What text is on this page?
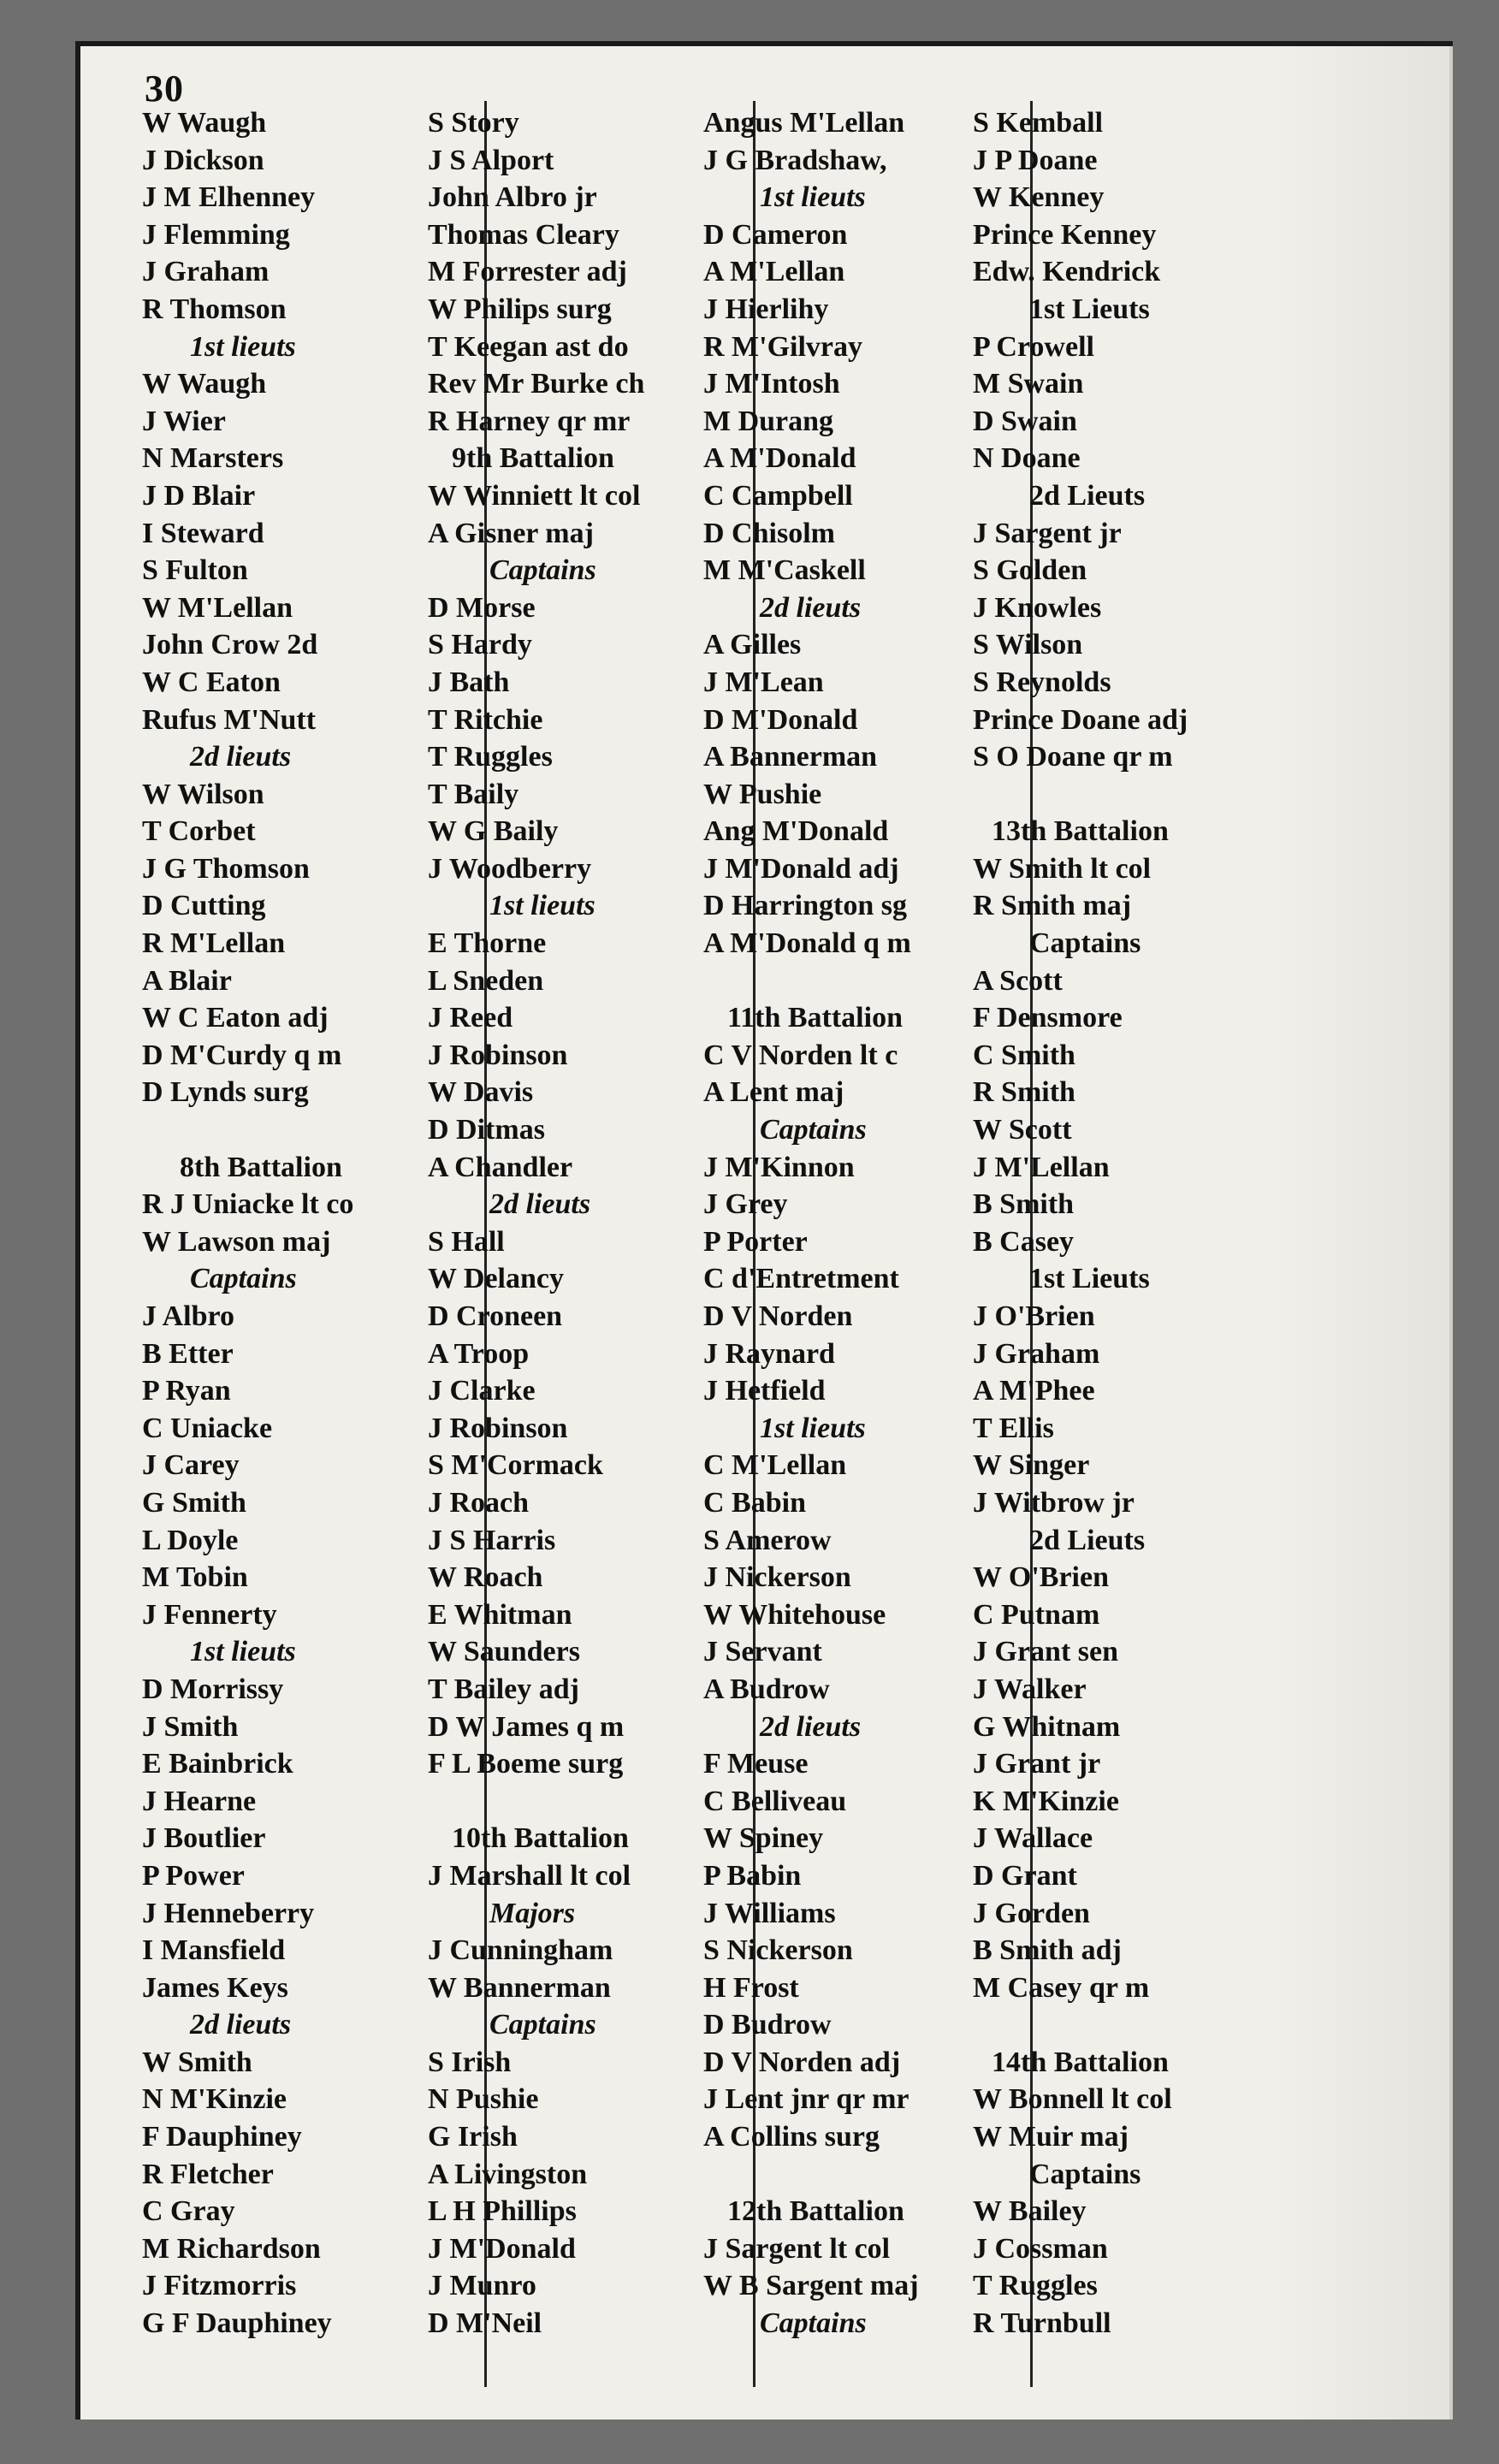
30
W Waugh
J Dickson
J M Elhenney
J Flemming
J Graham
R Thomson
1st lieuts
W Waugh
J Wier
N Marsters
J D Blair
I Steward
S Fulton
W M'Lellan
John Crow 2d
W C Eaton
Rufus M'Nutt
2d lieuts
W Wilson
T Corbet
J G Thomson
D Cutting
R M'Lellan
A Blair
W C Eaton adj
D M'Curdy q m
D Lynds surg
8th Battalion
R J Uniacke lt co
W Lawson maj
Captains
J Albro
B Etter
P Ryan
C Uniacke
J Carey
G Smith
L Doyle
M Tobin
J Fennerty
1st lieuts
D Morrissy
J Smith
E Bainbrick
J Hearne
J Boutlier
P Power
J Henneberry
I Mansfield
James Keys
2d lieuts
W Smith
N M'Kinzie
F Dauphiney
R Fletcher
C Gray
M Richardson
J Fitzmorris
G F Dauphiney
S Story
J S Alport
John Albro jr
Thomas Cleary
M Forrester adj
W Philips surg
T Keegan ast do
Rev Mr Burke ch
R Harney qr mr
9th Battalion
W Winniett lt col
A Gisner maj
Captains
D Morse
S Hardy
J Bath
T Ritchie
T Ruggles
T Baily
W G Baily
J Woodberry
1st lieuts
E Thorne
L Sneden
J Reed
J Robinson
W Davis
D Ditmas
A Chandler
2d lieuts
S Hall
W Delancy
D Croneen
A Troop
J Clarke
J Robinson
S M'Cormack
J Roach
J S Harris
W Roach
E Whitman
W Saunders
T Bailey adj
D W James q m
F L Boeme surg
10th Battalion
J Marshall lt col
Majors
J Cunningham
W Bannerman
Captains
S Irish
N Pushie
G Irish
A Livingston
L H Phillips
J M'Donald
J Munro
D M'Neil
Angus M'Lellan
J G Bradshaw,
1st lieuts
D Cameron
A M'Lellan
J Hierlihy
R M'Gilvray
J M'Intosh
M Durang
A M'Donald
C Campbell
D Chisolm
M M'Caskell
2d lieuts
A Gilles
J M'Lean
D M'Donald
A Bannerman
W Pushie
Ang M'Donald
J M'Donald adj
D Harrington sg
A M'Donald q m
11th Battalion
C V Norden lt c
A Lent maj
Captains
J M'Kinnon
J Grey
P Porter
C d'Entretment
D V Norden
J Raynard
J Hetfield
1st lieuts
C M'Lellan
C Babin
S Amerow
J Nickerson
W Whitehouse
J Servant
A Budrow
2d lieuts
F Meuse
C Belliveau
W Spiney
P Babin
J Williams
S Nickerson
H Frost
D Budrow
D V Norden adj
J Lent jnr qr mr
A Collins surg
12th Battalion
J Sargent lt col
W B Sargent maj
Captains
S Kemball
J P Doane
W Kenney
Prince Kenney
Edw. Kendrick
1st Lieuts
P Crowell
M Swain
D Swain
N Doane
2d Lieuts
J Sargent jr
S Golden
J Knowles
S Wilson
S Reynolds
Prince Doane adj
S O Doane qr m
13th Battalion
W Smith lt col
R Smith maj
Captains
A Scott
F Densmore
C Smith
R Smith
W Scott
J M'Lellan
B Smith
B Casey
1st Lieuts
J O'Brien
J Graham
A M'Phee
T Ellis
W Singer
J Witbrow jr
2d Lieuts
W O'Brien
C Putnam
J Grant sen
J Walker
G Whitnam
J Grant jr
K M'Kinzie
J Wallace
D Grant
J Gorden
B Smith adj
M Casey qr m
14th Battalion
W Bonnell lt col
W Muir maj
Captains
W Bailey
J Cossman
T Ruggles
R Turnbull
